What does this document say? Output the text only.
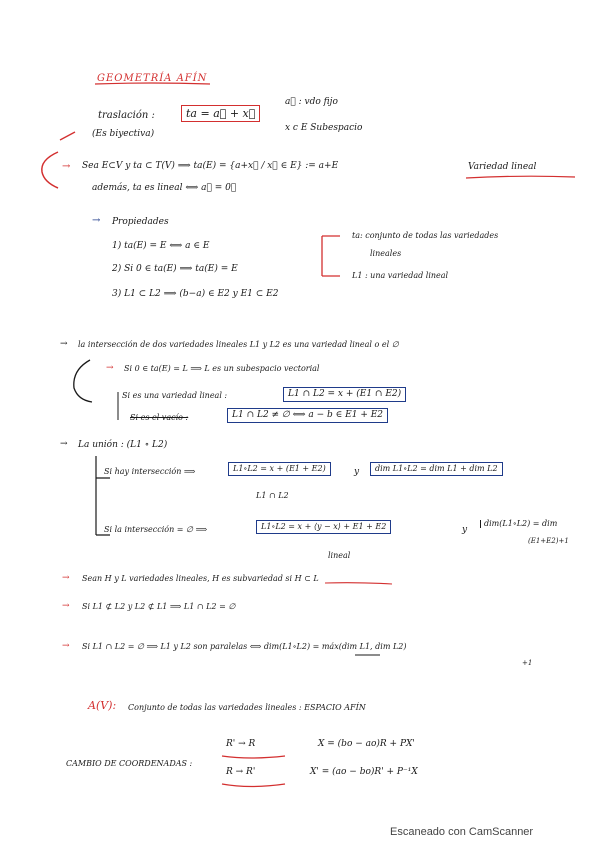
GEOMETRÍA AFÍN
traslación :	ta = a⃗ + x⃗
(Es biyectiva)
a⃗ : vdo fijo
x c E Subespacio
→ Sea E⊂V y ta ⊂ T(V) ⟹ ta(E) = {a+x⃗ / x⃗ ∈ E} := a+E	Variedad lineal
además, ta es lineal ⟺ a⃗ = 0⃗
→ Propiedades
1) ta(E) = E ⟺ a ∈ E
2) Si 0 ∈ ta(E) ⟹ ta(E) = E
3) L1 ⊂ L2 ⟹ (b−a) ∈ E2 y E1 ⊂ E2
ta: conjunto de todas las variedades
lineales
L1 : una variedad lineal
→ la intersección de dos variedades lineales L1 y L2 es una variedad lineal o el ∅
→ Si 0 ∈ ta(E) = L ⟹ L es un subespacio vectorial
Si es una variedad lineal :	L1 ∩ L2 = x + (E1 ∩ E2)
Si es el vacío :	L1 ∩ L2 ≠ ∅ ⟺ a − b ∈ E1 + E2
→ La unión : (L1 ∘ L2)
Si hay intersección ⟹	L1∘L2 = x + (E1 + E2)
L1 ∩ L2
y	dim L1∘L2 = dim L1 + dim L2
Si la intersección = ∅ ⟹	L1∘L2 = x + ⟨y − x⟩ + E1 + E2
lineal
y
dim(L1∘L2) = dim
(E1+E2)+1
→ Sean H y L variedades lineales, H es subvariedad si H ⊂ L
→ Si L1 ⊄ L2 y L2 ⊄ L1 ⟹ L1 ∩ L2 = ∅
→ Si L1 ∩ L2 = ∅ ⟹ L1 y L2 son paralelas ⟺ dim(L1∘L2) = máx(dim L1, dim L2)
+1
A(V): Conjunto de todas las variedades lineales : ESPACIO AFÍN
CAMBIO DE COORDENADAS :
R' → R	X = (bo − ao)R + PX'
R → R'	X' = (ao − bo)R' + P⁻¹X
Escaneado con CamScanner
